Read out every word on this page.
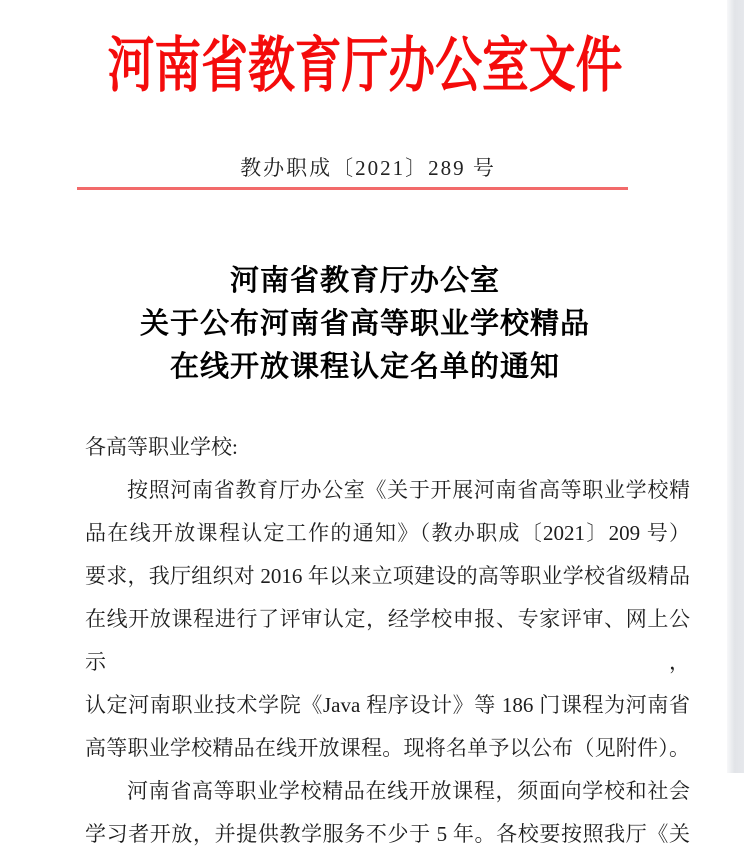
河南省教育厅办公室文件
教办职成〔2021〕289 号
河南省教育厅办公室
关于公布河南省高等职业学校精品
在线开放课程认定名单的通知
各高等职业学校:
按照河南省教育厅办公室《关于开展河南省高等职业学校精
品在线开放课程认定工作的通知》（教办职成〔2021〕209 号）
要求，我厅组织对 2016 年以来立项建设的高等职业学校省级精品
在线开放课程进行了评审认定，经学校申报、专家评审、网上公示，
认定河南职业技术学院《Java 程序设计》等 186 门课程为河南省
高等职业学校精品在线开放课程。现将名单予以公布（见附件）。
河南省高等职业学校精品在线开放课程，须面向学校和社会
学习者开放，并提供教学服务不少于 5 年。各校要按照我厅《关
